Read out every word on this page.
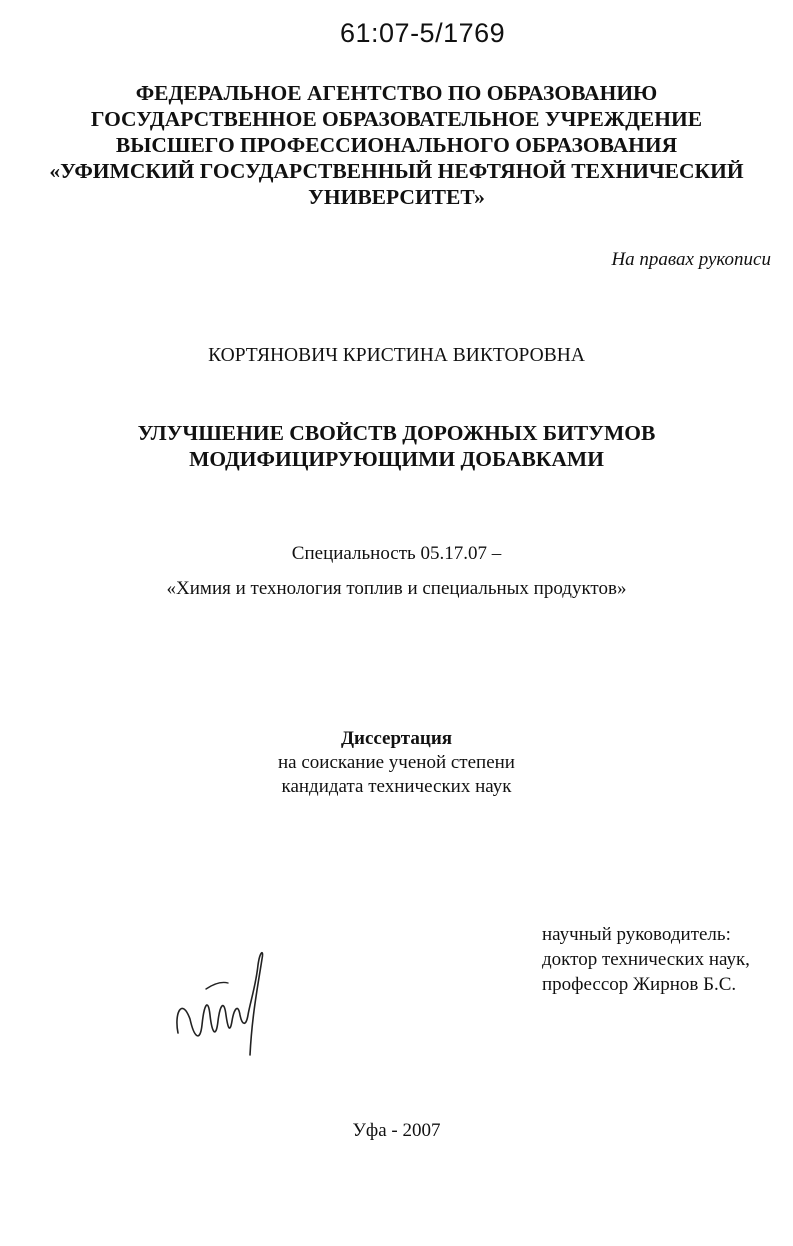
61:07-5/1769
ФЕДЕРАЛЬНОЕ АГЕНТСТВО ПО ОБРАЗОВАНИЮ
ГОСУДАРСТВЕННОЕ ОБРАЗОВАТЕЛЬНОЕ УЧРЕЖДЕНИЕ
ВЫСШЕГО ПРОФЕССИОНАЛЬНОГО ОБРАЗОВАНИЯ
«УФИМСКИЙ ГОСУДАРСТВЕННЫЙ НЕФТЯНОЙ ТЕХНИЧЕСКИЙ
УНИВЕРСИТЕТ»
На правах рукописи
КОРТЯНОВИЧ КРИСТИНА ВИКТОРОВНА
УЛУЧШЕНИЕ СВОЙСТВ ДОРОЖНЫХ БИТУМОВ
МОДИФИЦИРУЮЩИМИ ДОБАВКАМИ
Специальность 05.17.07 –
«Химия и технология топлив и специальных продуктов»
Диссертация
на соискание ученой степени
кандидата технических наук
научный руководитель:
доктор технических наук,
профессор Жирнов Б.С.
Уфа - 2007
